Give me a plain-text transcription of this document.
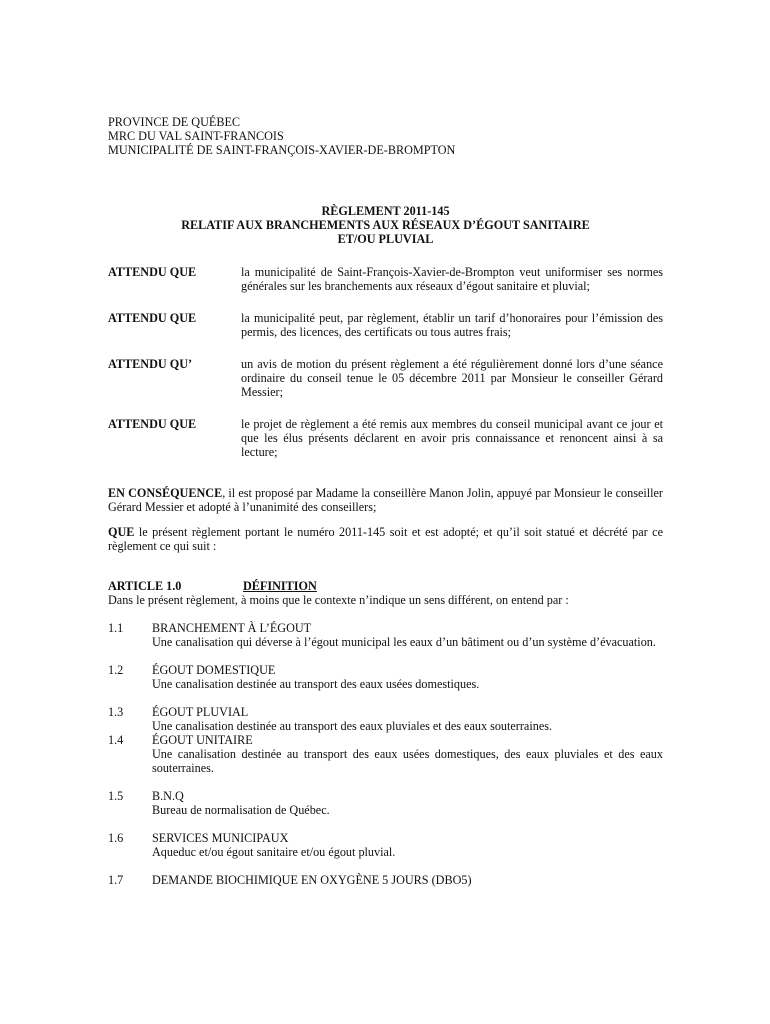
PROVINCE DE QUÉBEC
MRC DU VAL SAINT-FRANCOIS
MUNICIPALITÉ DE SAINT-FRANÇOIS-XAVIER-DE-BROMPTON
RÈGLEMENT 2011-145
RELATIF AUX BRANCHEMENTS AUX RÉSEAUX D’ÉGOUT SANITAIRE
ET/OU PLUVIAL
ATTENDU QUE	la municipalité de Saint-François-Xavier-de-Brompton veut uniformiser ses normes générales sur les branchements aux réseaux d’égout sanitaire et pluvial;
ATTENDU QUE	la municipalité peut, par règlement, établir un tarif d’honoraires pour l’émission des permis, des licences, des certificats ou tous autres frais;
ATTENDU QU’	un avis de motion du présent règlement a été régulièrement donné lors d’une séance ordinaire du conseil tenue le 05 décembre 2011 par Monsieur le conseiller Gérard Messier;
ATTENDU QUE	le projet de règlement a été remis aux membres du conseil municipal avant ce jour et que les élus présents déclarent en avoir pris connaissance et renoncent ainsi à sa lecture;
EN CONSÉQUENCE, il est proposé par Madame la conseillère Manon Jolin, appuyé par Monsieur le conseiller Gérard Messier et adopté à l’unanimité des conseillers;
QUE le présent règlement portant le numéro 2011-145 soit et est adopté; et qu’il soit statué et décrété par ce règlement ce qui suit :
ARTICLE 1.0	DÉFINITION
Dans le présent règlement, à moins que le contexte n’indique un sens différent, on entend par :
1.1	BRANCHEMENT À L’ÉGOUT
Une canalisation qui déverse à l’égout municipal les eaux d’un bâtiment ou d’un système d’évacuation.
1.2	ÉGOUT DOMESTIQUE
Une canalisation destinée au transport des eaux usées domestiques.
1.3	ÉGOUT PLUVIAL
Une canalisation destinée au transport des eaux pluviales et des eaux souterraines.
1.4	ÉGOUT UNITAIRE
Une canalisation destinée au transport des eaux usées domestiques, des eaux pluviales et des eaux souterraines.
1.5	B.N.Q
Bureau de normalisation de Québec.
1.6	SERVICES MUNICIPAUX
Aqueduc et/ou égout sanitaire et/ou égout pluvial.
1.7	DEMANDE BIOCHIMIQUE EN OXYGÈNE 5 JOURS (DBO5)
